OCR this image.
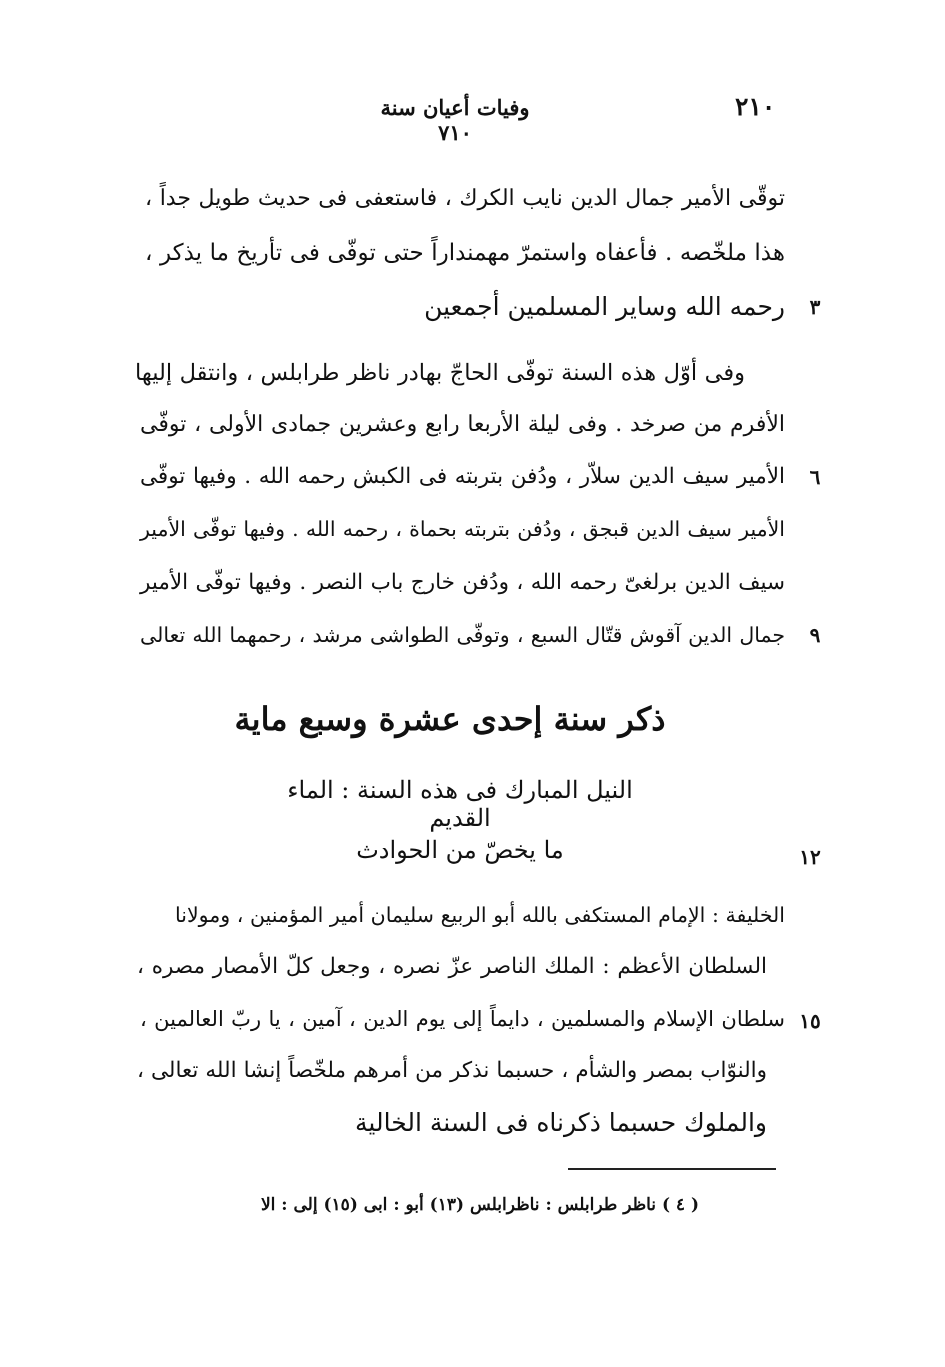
٢١٠
وفيات أعيان سنة ٧١٠
توقّى الأمير جمال الدين نايب الكرك ، فاستعفى فى حديث طويل جداً ،
هذا ملخّصه . فأعفاه واستمرّ مهمنداراً حتى توفّى فى تأريخ ما يذكر ،
رحمه الله وساير المسلمين أجمعين	٣
وفى أوّل هذه السنة توفّى الحاجّ بهادر ناظر طرابلس ، وانتقل إليها
الأفرم من صرخد . وفى ليلة الأربعا رابع وعشرين جمادى الأولى ، توفّى
الأمير سيف الدين سلاّر ، ودُفن بتربته فى الكبش رحمه الله . وفيها توفّى	٦
الأمير سيف الدين قبجق ، ودُفن بتربته بحماة ، رحمه الله . وفيها توفّى الأمير
سيف الدين برلغىّ رحمه الله ، ودُفن خارج باب النصر . وفيها توفّى الأمير
جمال الدين آقوش قتّال السبع ، وتوفّى الطواشى مرشد ، رحمهما الله تعالى	٩
ذكر سنة إحدى عشرة وسبع ماية
النيل المبارك فى هذه السنة : الماء القديم
ما يخصّ من الحوادث	١٢
الخليفة : الإمام المستكفى بالله أبو الربيع سليمان أمير المؤمنين ، ومولانا
السلطان الأعظم : الملك الناصر عزّ نصره ، وجعل كلّ الأمصار مصره ،
سلطان الإسلام والمسلمين ، دايماً إلى يوم الدين ، آمين ، يا ربّ العالمين ، ١٥
والنوّاب بمصر والشأم ، حسبما نذكر من أمرهم ملخّصاً إنشا الله تعالى ،
والملوك حسبما ذكرناه فى السنة الخالية
( ٤ ) ناظر طرابلس : ناظرابلس (١٣) أبو : ابى (١٥) إلى : الا
